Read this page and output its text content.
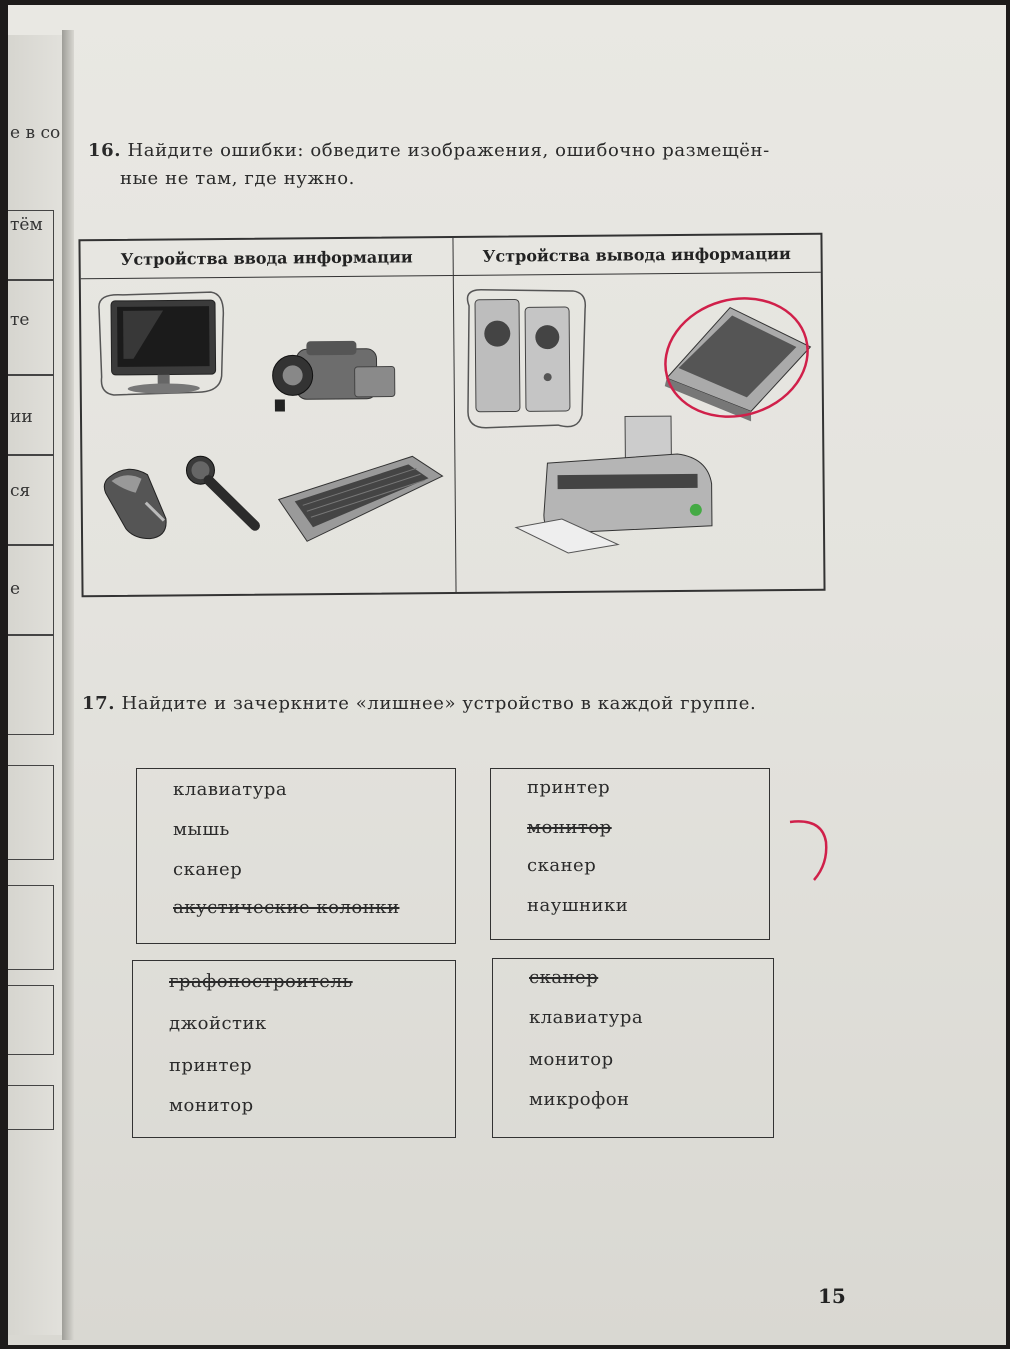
е в со
тём
те
ии
ся
е
16. Найдите ошибки: обведите изображения, ошибочно размещён-
ные не там, где нужно.
Устройства ввода информации	Устройства вывода информации
17. Найдите и зачеркните «лишнее» устройство в каждой группе.
клавиатура
мышь
сканер
акустические колонки
принтер
монитор
сканер
наушники
графопостроитель
джойстик
принтер
монитор
сканер
клавиатура
монитор
микрофон
15
